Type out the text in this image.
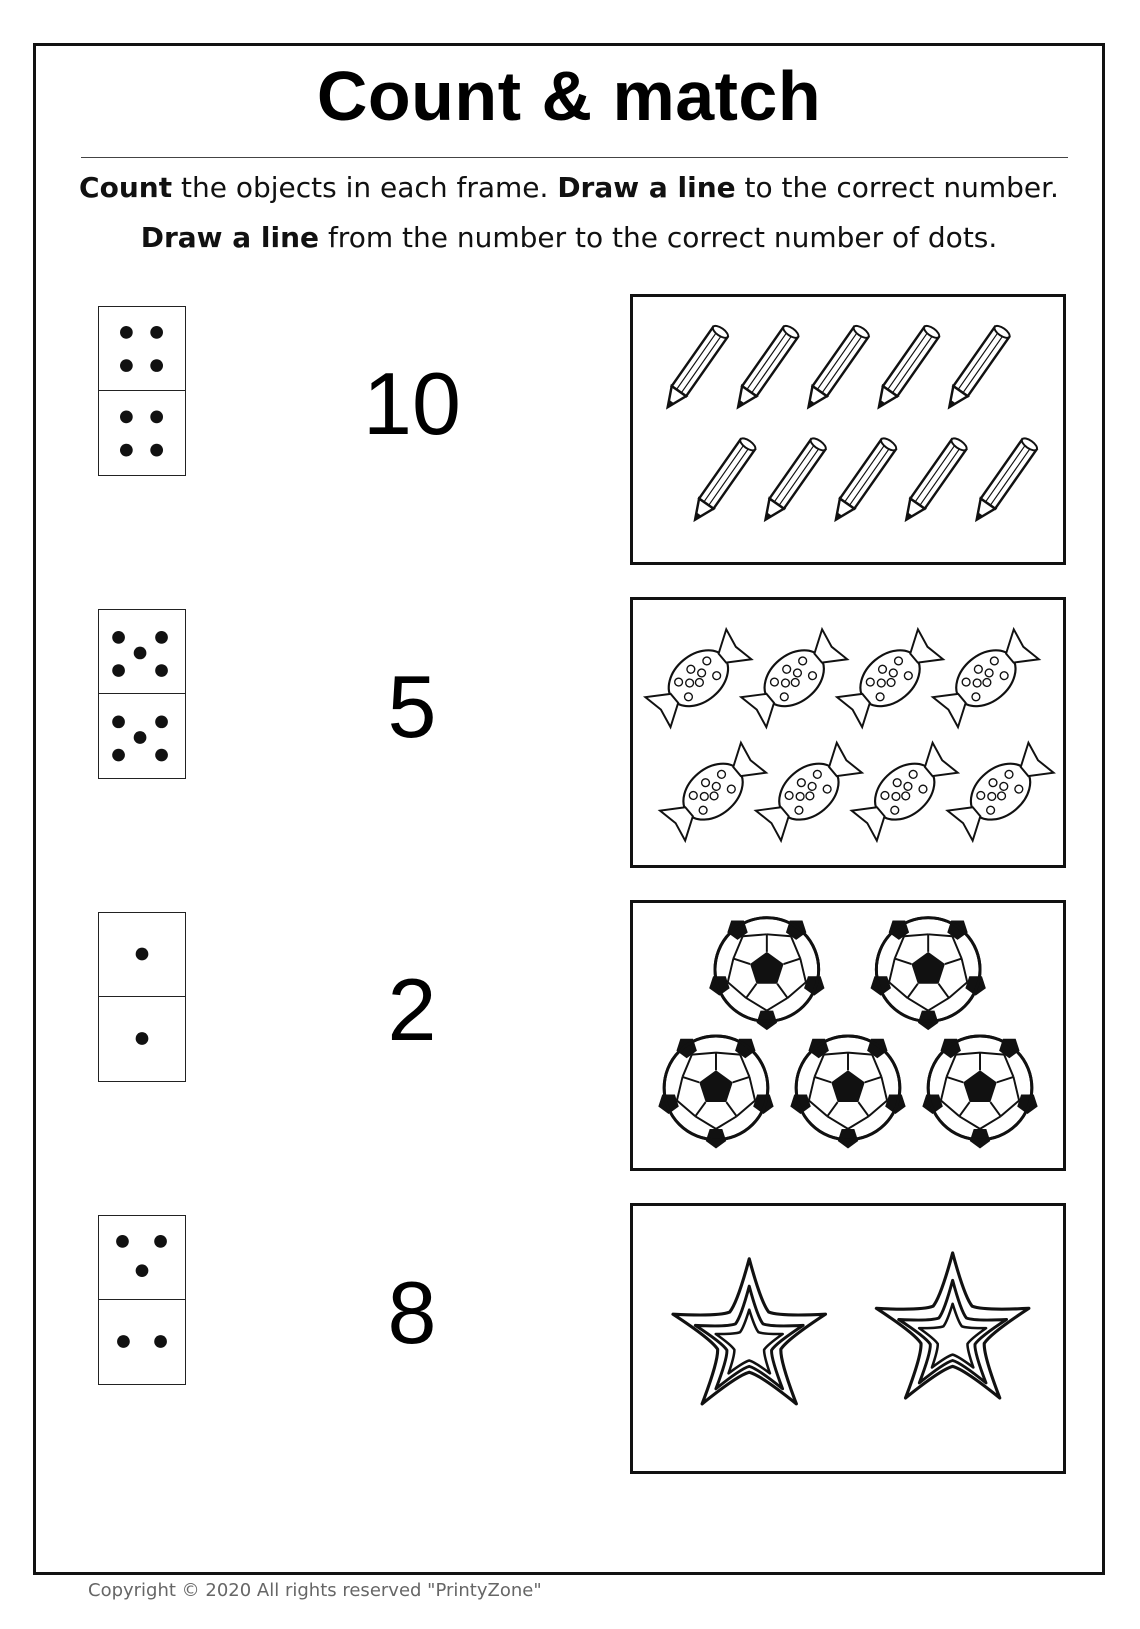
Count & match
Count the objects in each frame. Draw a line to the correct number.
Draw a line from the number to the correct number of dots.
10
5
2
8
Copyright © 2020 All rights reserved "PrintyZone"
